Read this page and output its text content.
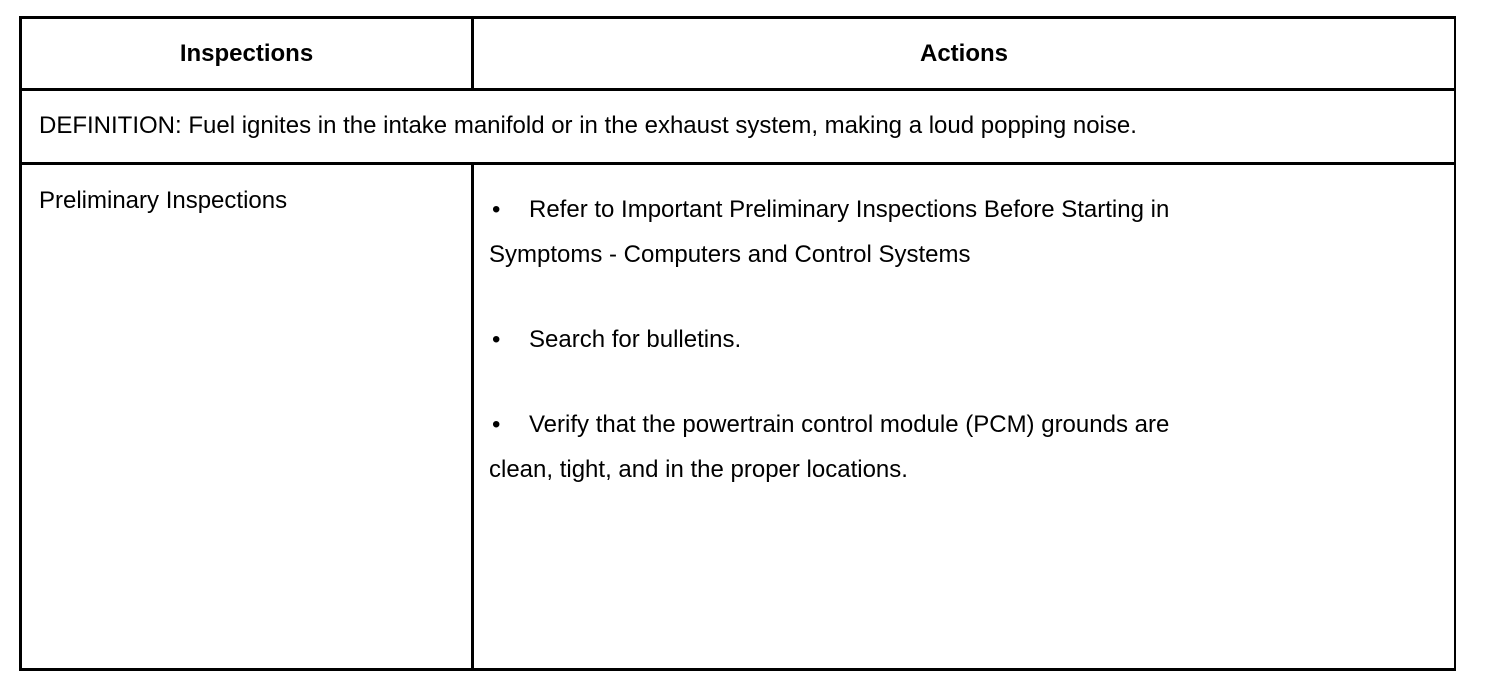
Inspections	Actions
DEFINITION: Fuel ignites in the intake manifold or in the exhaust system, making a loud popping noise.
Preliminary Inspections	• Refer to Important Preliminary Inspections Before Starting in
Symptoms - Computers and Control Systems
• Search for bulletins.
• Verify that the powertrain control module (PCM) grounds are
clean, tight, and in the proper locations.
